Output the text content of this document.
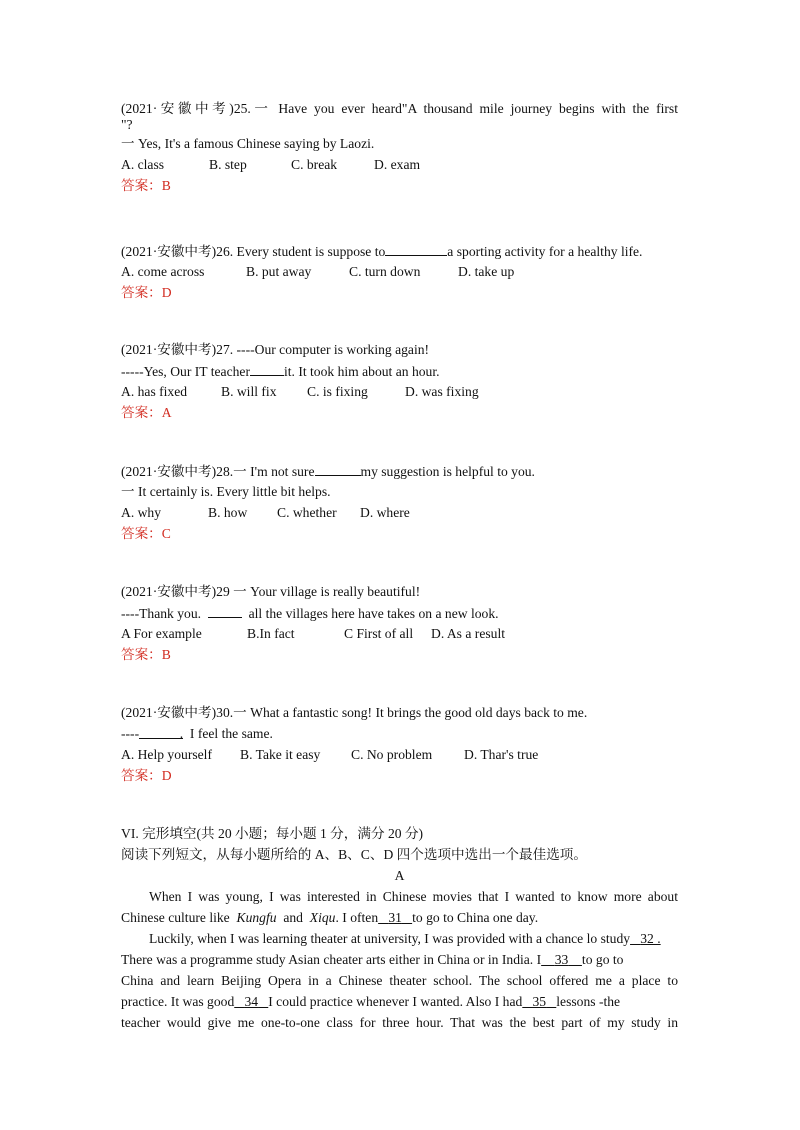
(2021·安徽中考)25.一 Have you ever heard"A thousand mile journey begins with the first
"?
一 Yes, It's a famous Chinese saying by Laozi.
A. class	B. step	C. break	D. exam
答案：B
(2021·安徽中考)26. Every student is suppose to	a sporting activity for a healthy life.
A. come across	B. put away	C. turn down	D. take up
答案：D
(2021·安徽中考)27. ----Our computer is working again!
-----Yes, Our IT teacher	it. It took him about an hour.
A. has fixed	B. will fix	C. is fixing	D. was fixing
答案：A
(2021·安徽中考)28.一 I'm not sure	my suggestion is helpful to you.
一 It certainly is. Every little bit helps.
A. why	B. how	C. whether	D. where
答案：C
(2021·安徽中考)29 一 Your village is really beautiful!
----Thank you.	all the villages here have takes on a new look.
A For example	B.In fact	C First of all	D. As a result
答案：B
(2021·安徽中考)30.一 What a fantastic song! It brings the good old days back to me.
----	. I feel the same.
A. Help yourself	B. Take it easy	C. No problem	D. Thar's true
答案：D
VI. 完形填空(共 20 小题；每小题 1 分，满分 20 分)
阅读下列短文，从每小题所给的 A、B、C、D 四个选项中选出一个最佳选项。
A
When I was young, I was interested in Chinese movies that I wanted to know more about
Chinese culture like Kungfu and Xiqu. I often 31 to go to China one day.
Luckily, when I was learning theater at university, I was provided with a chance lo study 32 .
There was a programme study Asian cheater arts either in China or in India. I 33 to go to
China and learn Beijing Opera in a Chinese theater school. The school offered me a place to
practice. It was good 34 I could practice whenever I wanted. Also I had 35 lessons -the
teacher would give me one-to-one class for three hour. That was the best part of my study in
